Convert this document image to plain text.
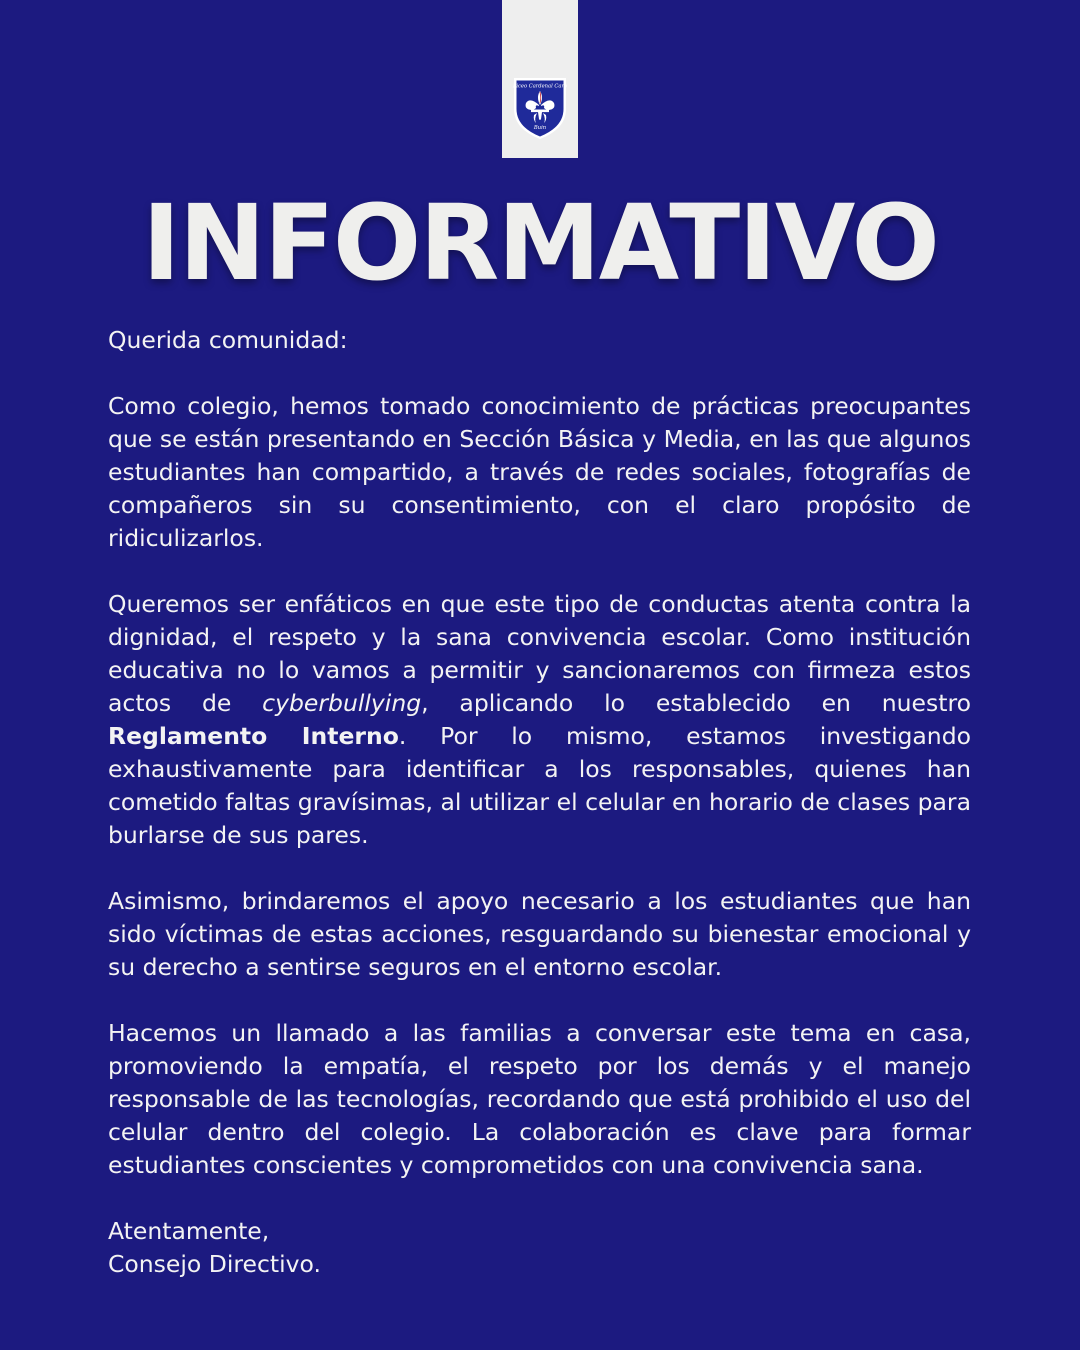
Liceo Cardenal Caro
Buin
INFORMATIVO

Querida comunidad:

Como colegio, hemos tomado conocimiento de prácticas preocupantes que se están presentando en Sección Básica y Media, en las que algunos estudiantes han compartido, a través de redes sociales, fotografías de compañeros sin su consentimiento, con el claro propósito de ridiculizarlos.

Queremos ser enfáticos en que este tipo de conductas atenta contra la dignidad, el respeto y la sana convivencia escolar. Como institución educativa no lo vamos a permitir y sancionaremos con firmeza estos actos de cyberbullying, aplicando lo establecido en nuestro Reglamento Interno. Por lo mismo, estamos investigando exhaustivamente para identificar a los responsables, quienes han cometido faltas gravísimas, al utilizar el celular en horario de clases para burlarse de sus pares.

Asimismo, brindaremos el apoyo necesario a los estudiantes que han sido víctimas de estas acciones, resguardando su bienestar emocional y su derecho a sentirse seguros en el entorno escolar.

Hacemos un llamado a las familias a conversar este tema en casa, promoviendo la empatía, el respeto por los demás y el manejo responsable de las tecnologías, recordando que está prohibido el uso del celular dentro del colegio. La colaboración es clave para formar estudiantes conscientes y comprometidos con una convivencia sana.

Atentamente,
Consejo Directivo.
